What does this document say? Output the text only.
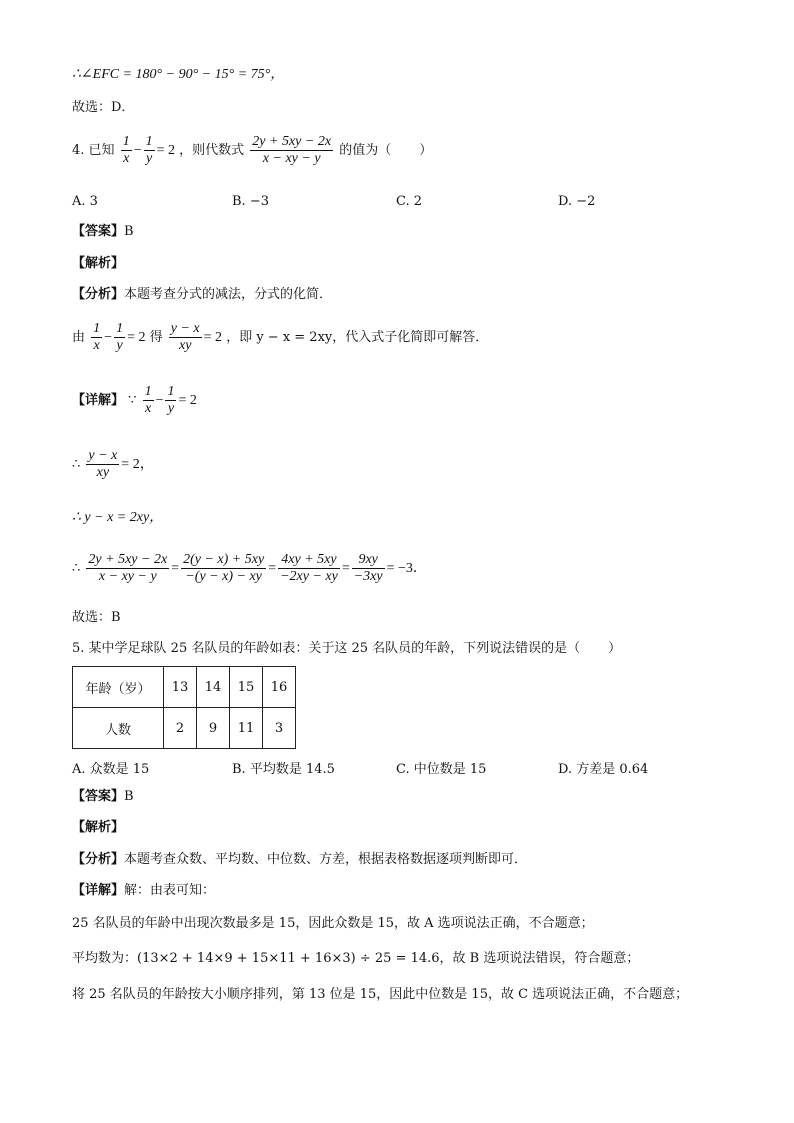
∴∠EFC = 180° − 90° − 15° = 75°，
故选：D．
4. 已知 $\frac{1}{x} - \frac{1}{y} = 2$ ，则代数式 $\frac{2y + 5xy - 2x}{x - xy - y}$ 的值为（ ）
A. 3	B. −3	C. 2	D. −2
【答案】B
【解析】
【分析】本题考查分式的减法，分式的化简．
由 $\frac{1}{x} - \frac{1}{y} = 2$ 得 $\frac{y - x}{xy} = 2$ ，即 y − x = 2xy，代入式子化简即可解答．
【详解】 ∵ $\frac{1}{x} - \frac{1}{y} = 2$
∴ $\frac{y - x}{xy} = 2$，
∴ y − x = 2xy，
∴ $\frac{2y + 5xy - 2x}{x - xy - y} = \frac{2(y - x) + 5xy}{-(y - x) - xy} = \frac{4xy + 5xy}{-2xy - xy} = \frac{9xy}{-3xy} = -3$．
故选：B
5. 某中学足球队 25 名队员的年龄如表：关于这 25 名队员的年龄，下列说法错误的是（ ）
年龄（岁）	13	14	15	16
人数	2	9	11	3
A. 众数是 15	B. 平均数是 14.5	C. 中位数是 15	D. 方差是 0.64
【答案】B
【解析】
【分析】本题考查众数、平均数、中位数、方差，根据表格数据逐项判断即可．
【详解】解：由表可知：
25 名队员的年龄中出现次数最多是 15，因此众数是 15，故 A 选项说法正确，不合题意；
平均数为：(13×2 + 14×9 + 15×11 + 16×3) ÷ 25 = 14.6，故 B 选项说法错误，符合题意；
将 25 名队员的年龄按大小顺序排列，第 13 位是 15，因此中位数是 15，故 C 选项说法正确，不合题意；
